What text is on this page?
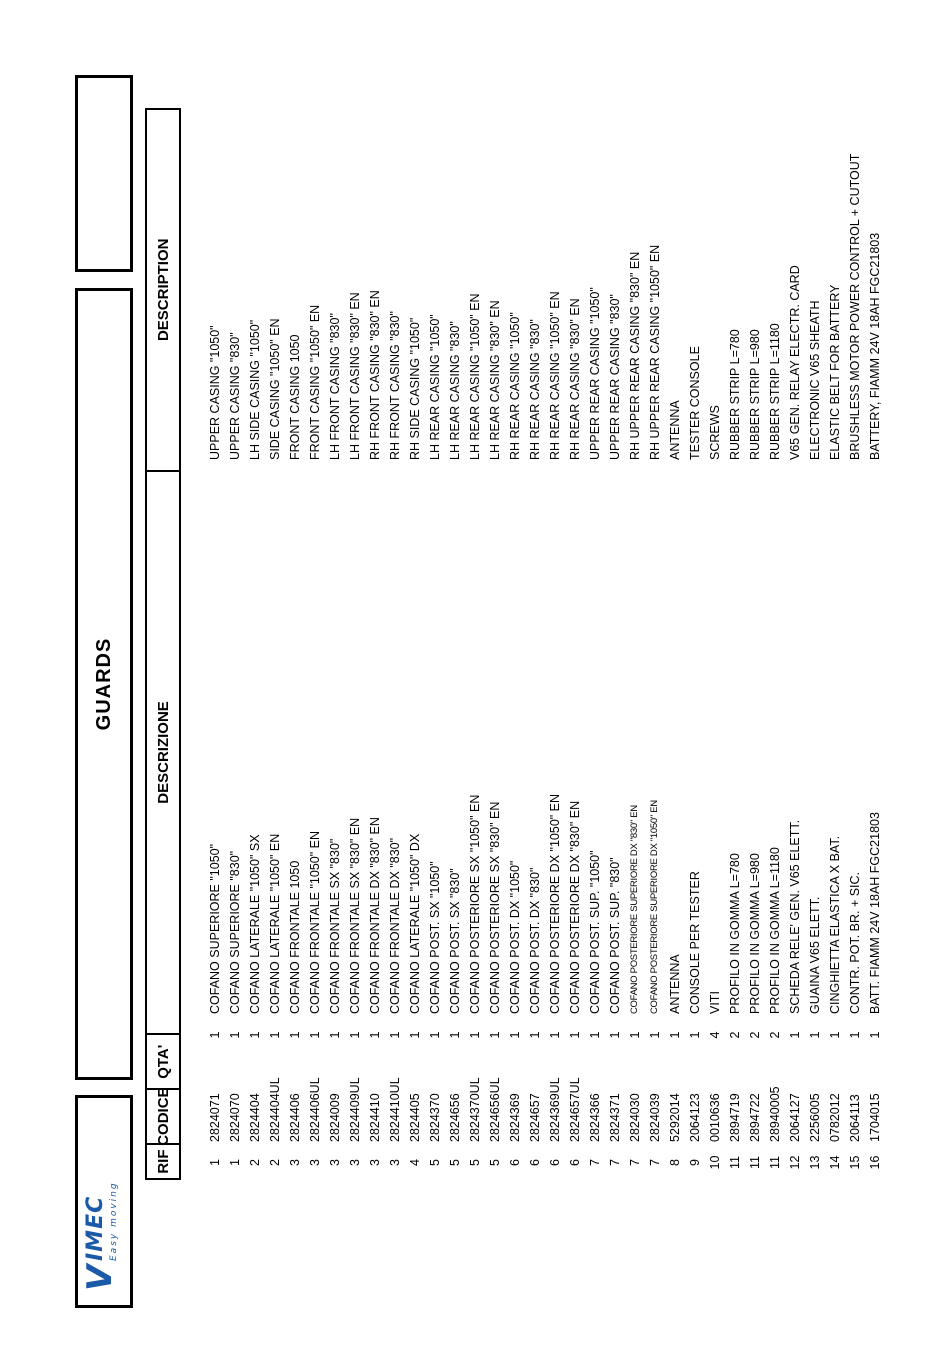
V
IMEC Easy moving
GUARDS
RIF
CODICE
QTA'
DESCRIZIONE
DESCRIPTION
1
2824071
1
COFANO SUPERIORE "1050"
UPPER CASING "1050"
1
2824070
1
COFANO SUPERIORE "830"
UPPER CASING "830"
2
2824404
1
COFANO LATERALE "1050" SX
LH SIDE CASING "1050"
2
2824404UL
1
COFANO LATERALE "1050" EN
SIDE CASING "1050" EN
3
2824406
1
COFANO FRONTALE 1050
FRONT CASING 1050
3
2824406UL
1
COFANO FRONTALE "1050" EN
FRONT CASING "1050" EN
3
2824009
1
COFANO FRONTALE SX "830"
LH FRONT CASING "830"
3
2824409UL
1
COFANO FRONTALE SX "830" EN
LH FRONT CASING "830" EN
3
2824410
1
COFANO FRONTALE DX "830" EN
RH FRONT CASING "830" EN
3
2824410UL
1
COFANO FRONTALE DX "830"
RH FRONT CASING "830"
4
2824405
1
COFANO LATERALE "1050" DX
RH SIDE CASING "1050"
5
2824370
1
COFANO POST. SX "1050"
LH REAR CASING "1050"
5
2824656
1
COFANO POST. SX "830"
LH REAR CASING "830"
5
2824370UL
1
COFANO POSTERIORE SX "1050" EN
LH REAR CASING "1050" EN
5
2824656UL
1
COFANO POSTERIORE SX "830" EN
LH REAR CASING "830" EN
6
2824369
1
COFANO POST. DX "1050"
RH REAR CASING "1050"
6
2824657
1
COFANO POST. DX "830"
RH REAR CASING "830"
6
2824369UL
1
COFANO POSTERIORE DX "1050" EN
RH REAR CASING "1050" EN
6
2824657UL
1
COFANO POSTERIORE DX "830" EN
RH REAR CASING "830" EN
7
2824366
1
COFANO POST. SUP. "1050"
UPPER REAR CASING "1050"
7
2824371
1
COFANO POST. SUP. "830"
UPPER REAR CASING "830"
7
2824030
1
COFANO POSTERIORE SUPERIORE DX "830" EN
RH UPPER REAR CASING "830" EN
7
2824039
1
COFANO POSTERIORE SUPERIORE DX "1050" EN
RH UPPER REAR CASING "1050" EN
8
5292014
1
ANTENNA
ANTENNA
9
2064123
1
CONSOLE PER TESTER
TESTER CONSOLE
10
0010636
4
VITI
SCREWS
11
2894719
2
PROFILO IN GOMMA L=780
RUBBER STRIP L=780
11
2894722
2
PROFILO IN GOMMA L=980
RUBBER STRIP L=980
11
28940005
2
PROFILO IN GOMMA L=1180
RUBBER STRIP L=1180
12
2064127
1
SCHEDA RELE' GEN. V65 ELETT.
V65 GEN. RELAY ELECTR. CARD
13
2256005
1
GUAINA V65 ELETT.
ELECTRONIC V65 SHEATH
14
0782012
1
CINGHIETTA ELASTICA X BAT.
ELASTIC BELT FOR BATTERY
15
2064113
1
CONTR. POT. BR. + SIC.
BRUSHLESS MOTOR POWER CONTROL + CUTOUT
16
1704015
1
BATT. FIAMM 24V 18AH FGC21803
BATTERY, FIAMM 24V 18AH FGC21803
